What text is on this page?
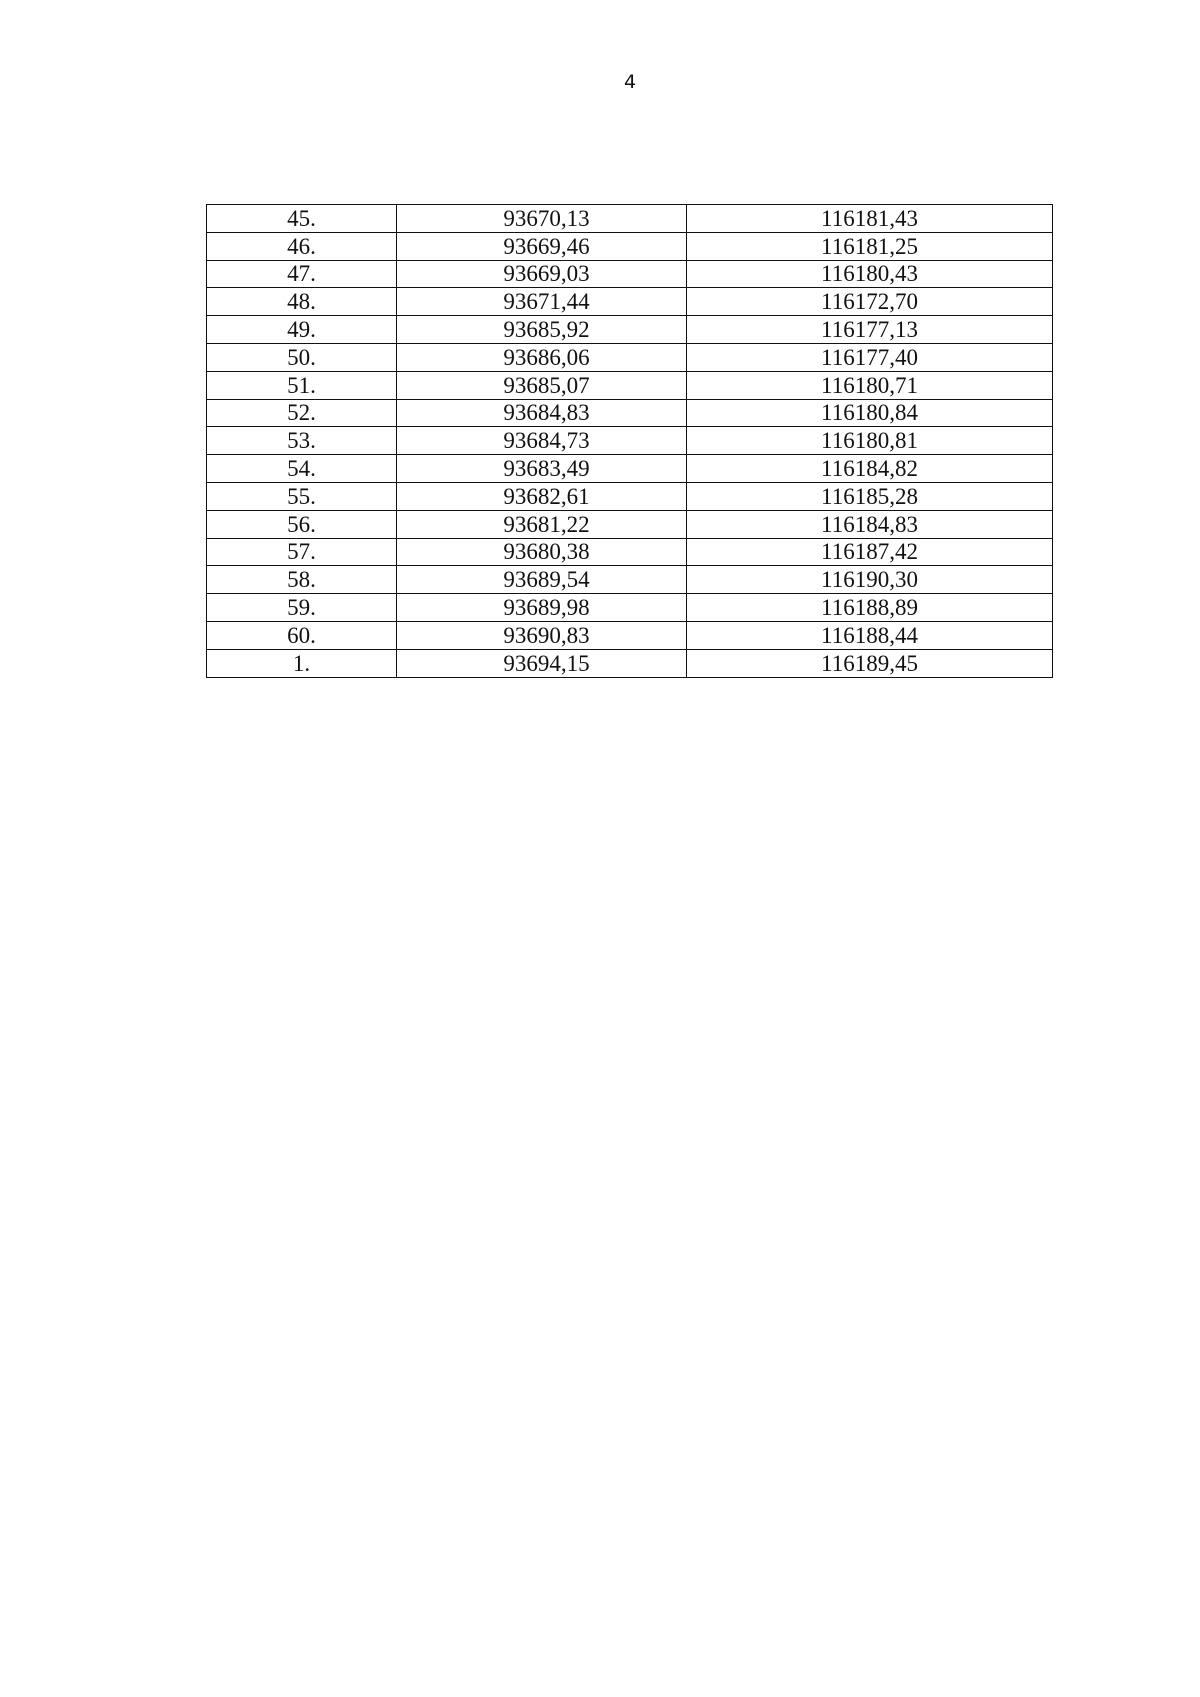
4
45.	93670,13	116181,43
46.	93669,46	116181,25
47.	93669,03	116180,43
48.	93671,44	116172,70
49.	93685,92	116177,13
50.	93686,06	116177,40
51.	93685,07	116180,71
52.	93684,83	116180,84
53.	93684,73	116180,81
54.	93683,49	116184,82
55.	93682,61	116185,28
56.	93681,22	116184,83
57.	93680,38	116187,42
58.	93689,54	116190,30
59.	93689,98	116188,89
60.	93690,83	116188,44
1.	93694,15	116189,45
